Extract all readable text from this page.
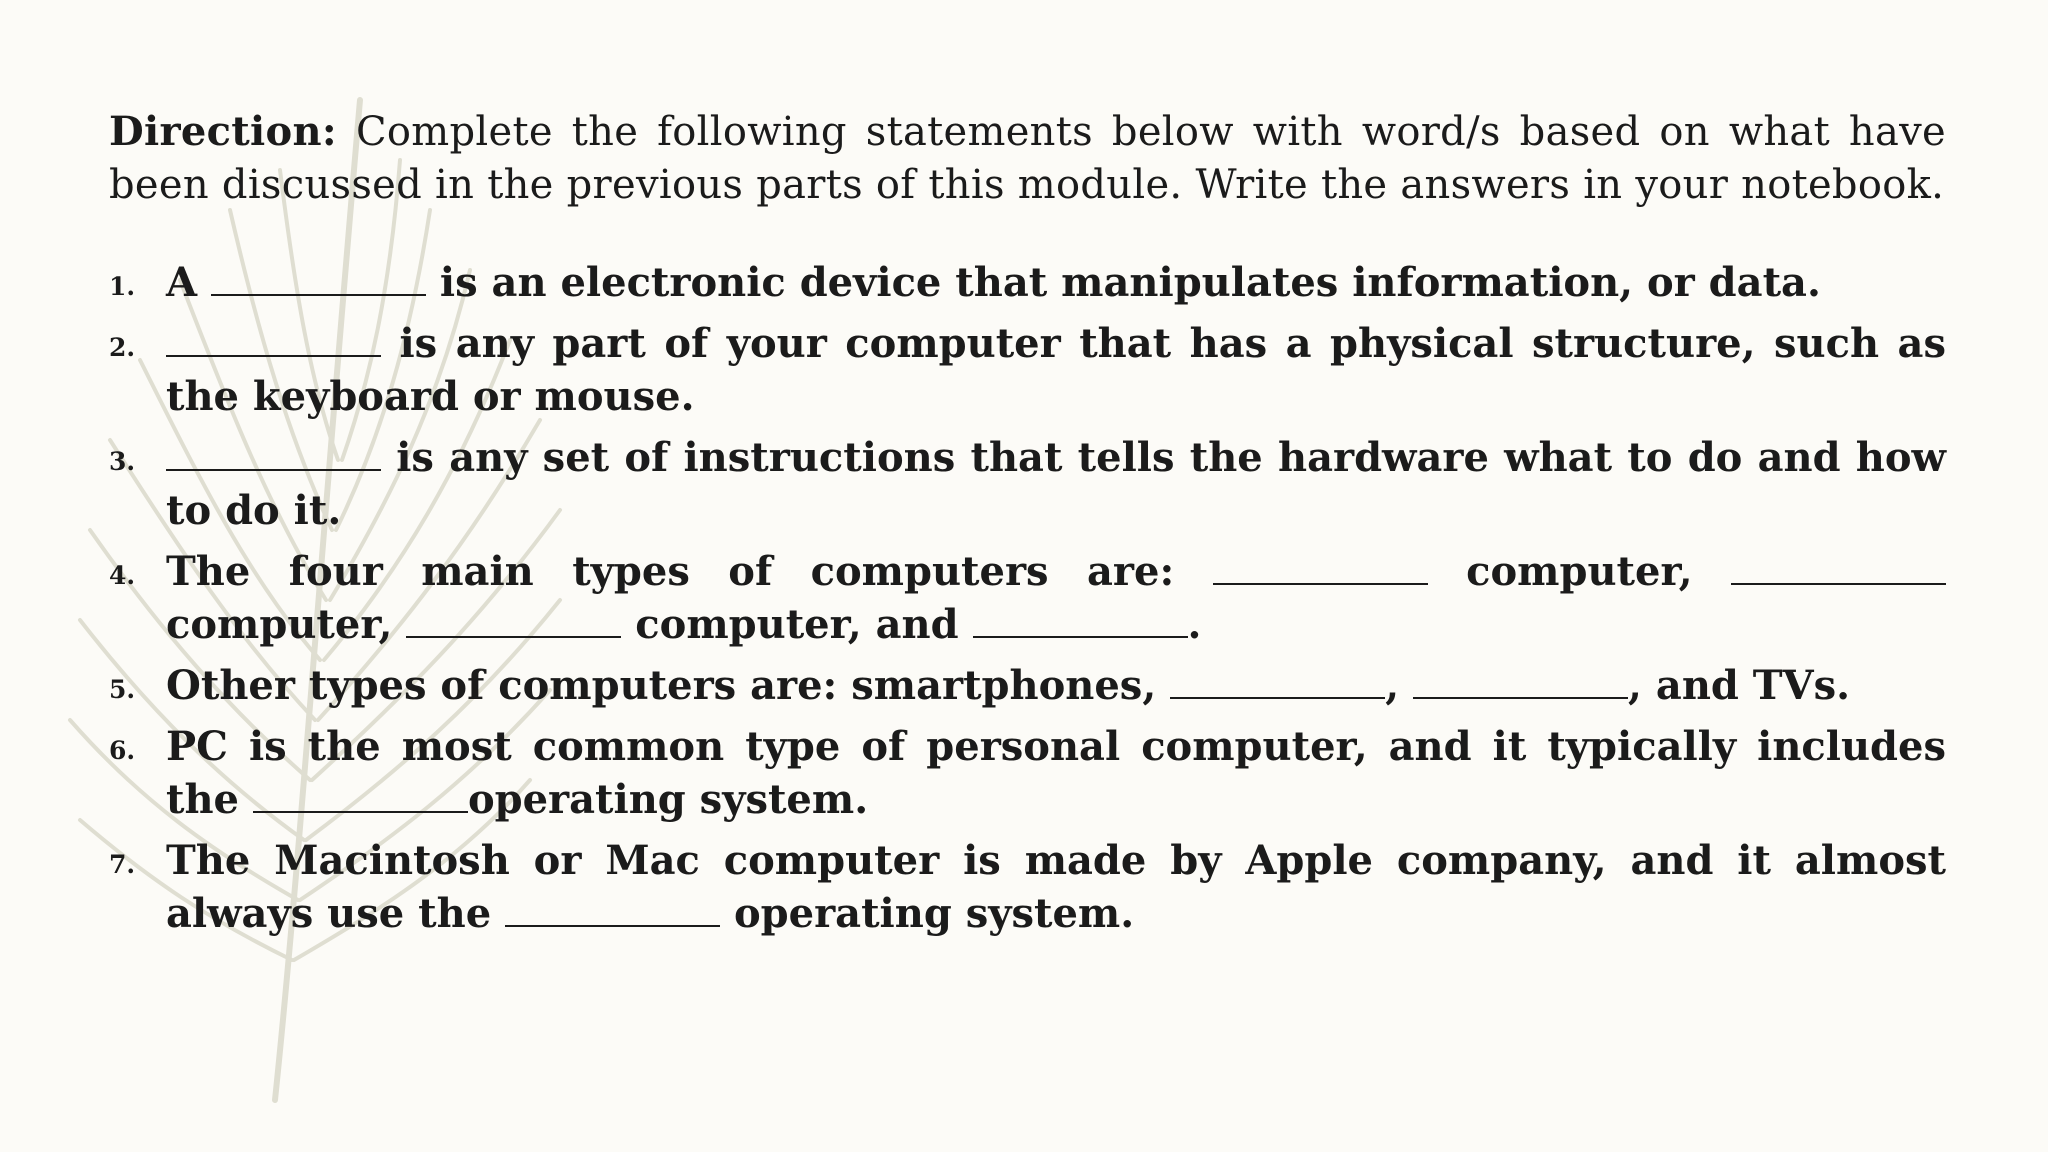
Direction: Complete the following statements below with word/s based on what have been discussed in the previous parts of this module. Write the answers in your notebook.

1. A	is an electronic device that manipulates information, or data.
2.	is any part of your computer that has a physical structure, such as the keyboard or mouse.
3.	is any set of instructions that tells the hardware what to do and how to do it.
4. The four main types of computers are:	computer,  computer,	computer, and	.
5. Other types of computers are: smartphones,	,	, and TVs.
6. PC is the most common type of personal computer, and it typically includes the	operating system.
7. The Macintosh or Mac computer is made by Apple company, and it almost always use the	operating system.
